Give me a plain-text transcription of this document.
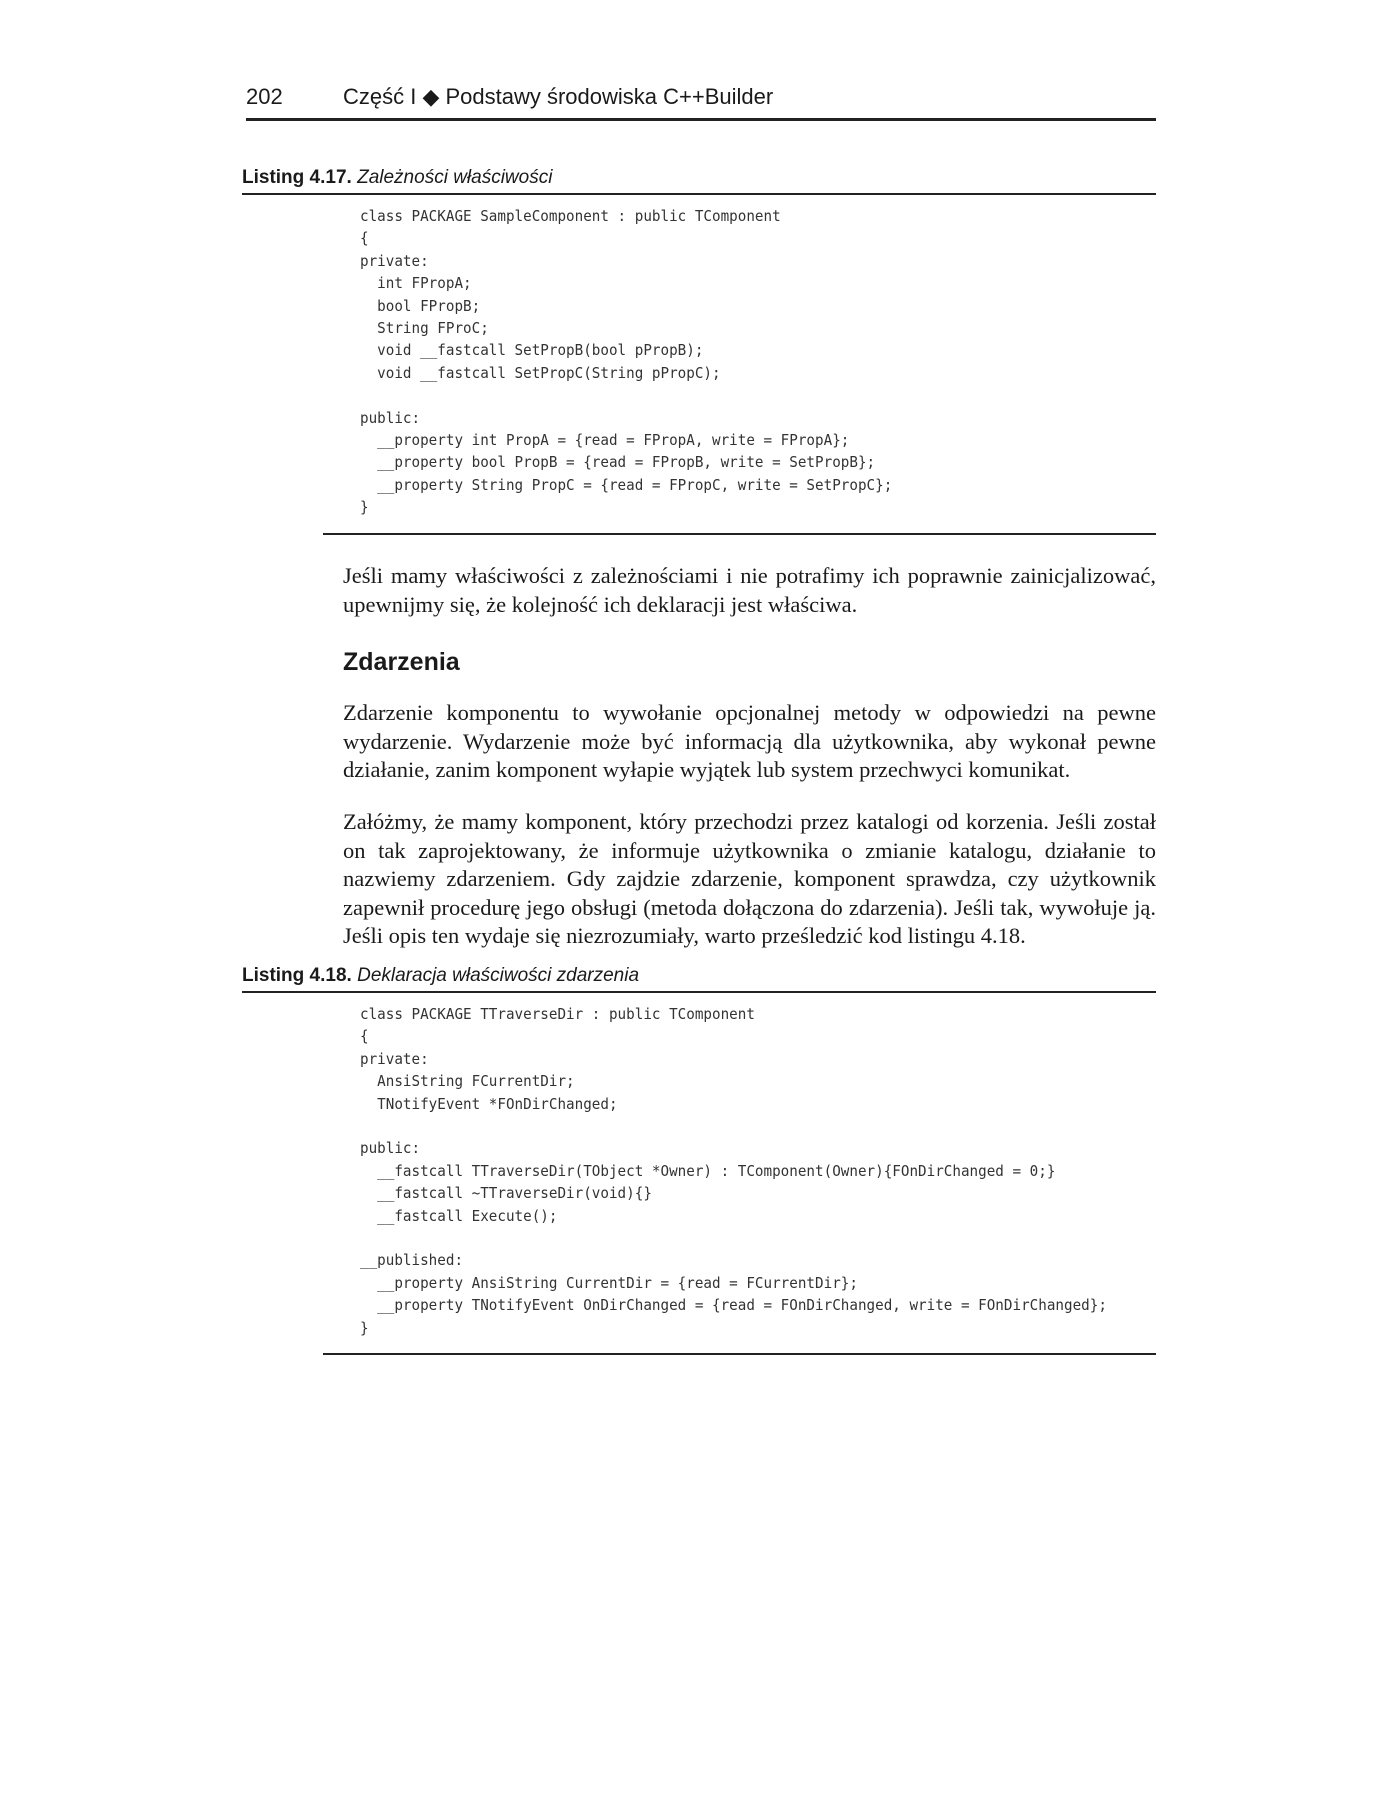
202	Część I ◆ Podstawy środowiska C++Builder
Listing 4.17. Zależności właściwości
class PACKAGE SampleComponent : public TComponent
{
private:
int FPropA;
bool FPropB;
String FProC;
void __fastcall SetPropB(bool pPropB);
void __fastcall SetPropC(String pPropC);

public:
__property int PropA = {read = FPropA, write = FPropA};
__property bool PropB = {read = FPropB, write = SetPropB};
__property String PropC = {read = FPropC, write = SetPropC};
}

Jeśli mamy właściwości z zależnościami i nie potrafimy ich poprawnie zainicjalizować, upewnijmy się, że kolejność ich deklaracji jest właściwa.

Zdarzenia

Zdarzenie komponentu to wywołanie opcjonalnej metody w odpowiedzi na pewne wydarzenie. Wydarzenie może być informacją dla użytkownika, aby wykonał pewne działanie, zanim komponent wyłapie wyjątek lub system przechwyci komunikat.

Załóżmy, że mamy komponent, który przechodzi przez katalogi od korzenia. Jeśli został on tak zaprojektowany, że informuje użytkownika o zmianie katalogu, działanie to nazwiemy zdarzeniem. Gdy zajdzie zdarzenie, komponent sprawdza, czy użytkownik zapewnił procedurę jego obsługi (metoda dołączona do zdarzenia). Jeśli tak, wywołuje ją. Jeśli opis ten wydaje się niezrozumiały, warto prześledzić kod listingu 4.18.

Listing 4.18. Deklaracja właściwości zdarzenia
class PACKAGE TTraverseDir : public TComponent
{
private:
AnsiString FCurrentDir;
TNotifyEvent *FOnDirChanged;

public:
__fastcall TTraverseDir(TObject *Owner) : TComponent(Owner){FOnDirChanged = 0;}
__fastcall ~TTraverseDir(void){}
__fastcall Execute();

__published:
__property AnsiString CurrentDir = {read = FCurrentDir};
__property TNotifyEvent OnDirChanged = {read = FOnDirChanged, write = FOnDirChanged};
}
